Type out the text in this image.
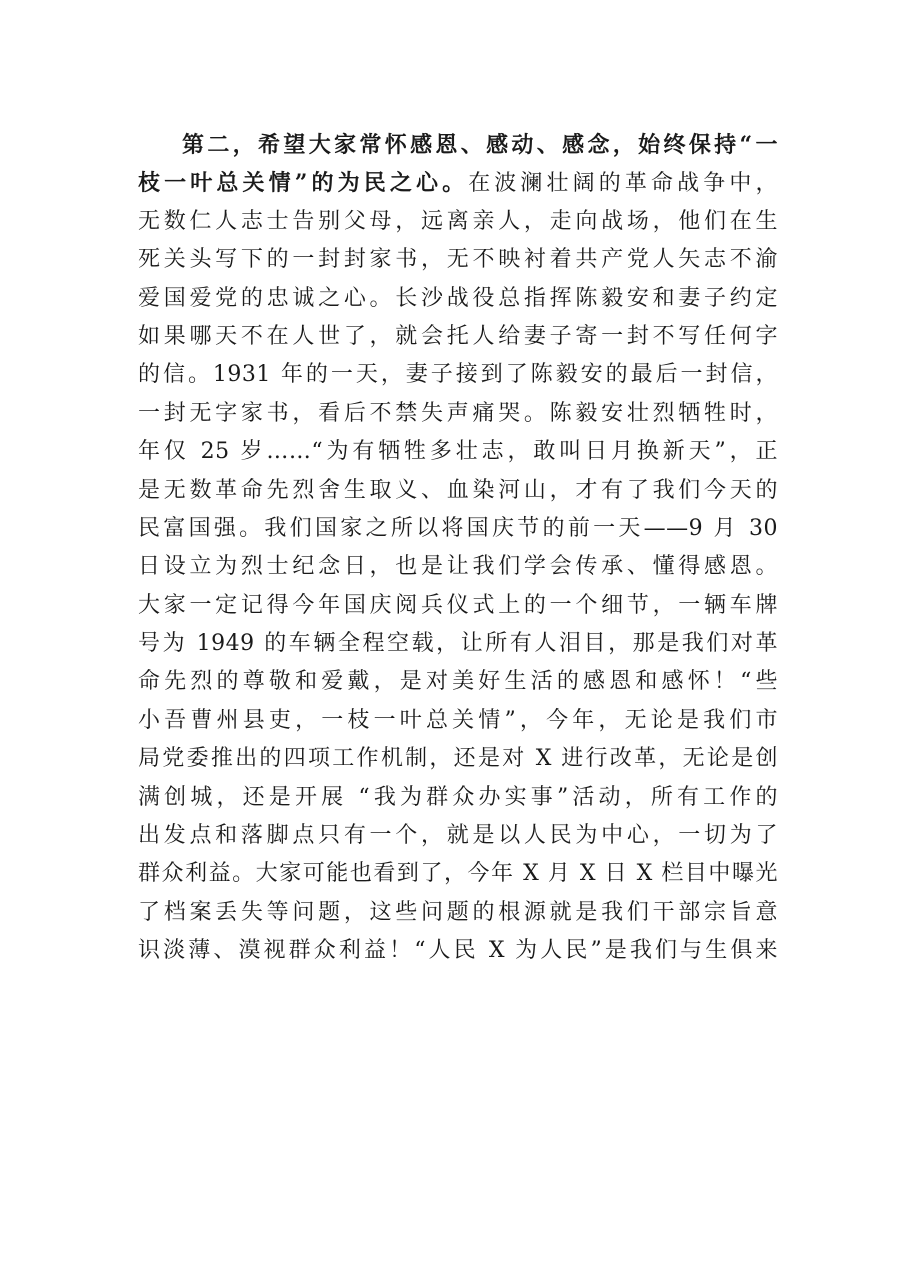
第二，希望大家常怀感恩、感动、感念，始终保持“一
枝一叶总关情”的为民之心。在波澜壮阔的革命战争中，
无数仁人志士告别父母，远离亲人，走向战场，他们在生
死关头写下的一封封家书，无不映衬着共产党人矢志不渝
爱国爱党的忠诚之心。长沙战役总指挥陈毅安和妻子约定
如果哪天不在人世了，就会托人给妻子寄一封不写任何字
的信。1931 年的一天，妻子接到了陈毅安的最后一封信，
一封无字家书，看后不禁失声痛哭。陈毅安壮烈牺牲时，
年仅 25 岁……“为有牺牲多壮志，敢叫日月换新天”，正
是无数革命先烈舍生取义、血染河山，才有了我们今天的
民富国强。我们国家之所以将国庆节的前一天——9 月 30
日设立为烈士纪念日，也是让我们学会传承、懂得感恩。
大家一定记得今年国庆阅兵仪式上的一个细节，一辆车牌
号为 1949 的车辆全程空载，让所有人泪目，那是我们对革
命先烈的尊敬和爱戴，是对美好生活的感恩和感怀！“些
小吾曹州县吏，一枝一叶总关情”，今年，无论是我们市
局党委推出的四项工作机制，还是对 X 进行改革，无论是创
满创城，还是开展 “我为群众办实事”活动，所有工作的
出发点和落脚点只有一个，就是以人民为中心，一切为了
群众利益。大家可能也看到了，今年 X 月 X 日 X 栏目中曝光
了档案丢失等问题，这些问题的根源就是我们干部宗旨意
识淡薄、漠视群众利益！“人民 X 为人民”是我们与生俱来
